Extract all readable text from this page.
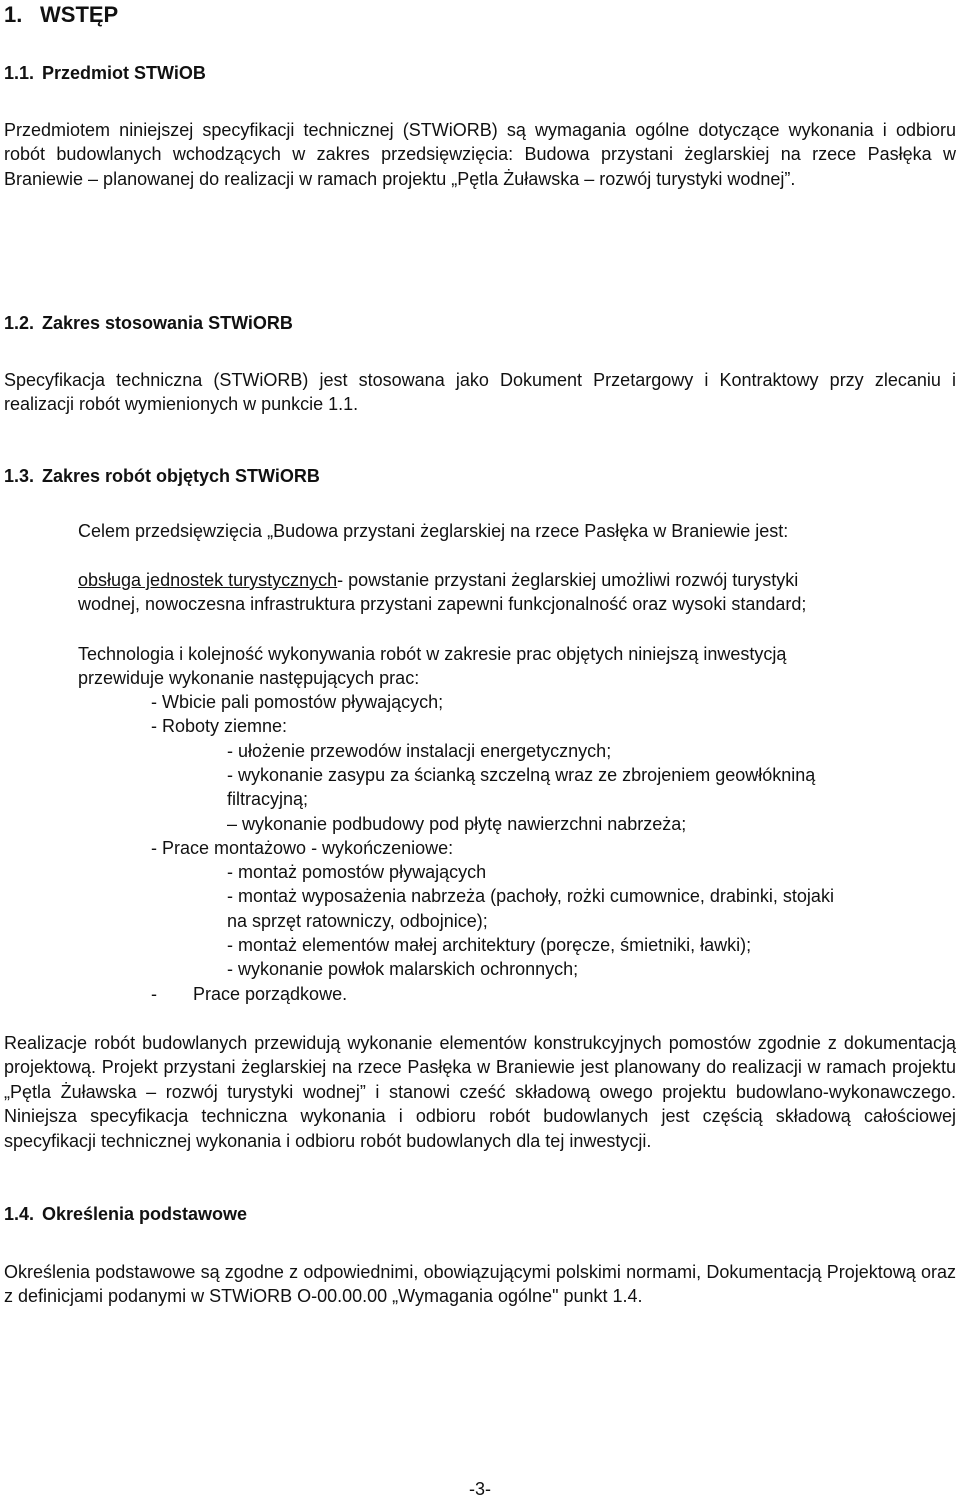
1. WSTĘP
1.1. Przedmiot STWiOB
Przedmiotem niniejszej specyfikacji technicznej (STWiORB) są wymagania ogólne dotyczące wykonania i odbioru robót budowlanych wchodzących w zakres przedsięwzięcia: Budowa przystani żeglarskiej na rzece Pasłęka w Braniewie – planowanej do realizacji w ramach projektu „Pętla Żuławska – rozwój turystyki wodnej”.
1.2. Zakres stosowania STWiORB
Specyfikacja techniczna (STWiORB) jest stosowana jako Dokument Przetargowy i Kontraktowy przy zlecaniu i realizacji robót wymienionych w punkcie 1.1.
1.3. Zakres robót objętych STWiORB
Celem przedsięwzięcia „Budowa przystani żeglarskiej na rzece Pasłęka w Braniewie jest:
obsługa jednostek turystycznych- powstanie przystani żeglarskiej umożliwi rozwój turystyki
wodnej, nowoczesna infrastruktura przystani zapewni funkcjonalność oraz wysoki standard;
Technologia i kolejność wykonywania robót w zakresie prac objętych niniejszą inwestycją
przewiduje wykonanie następujących prac:
- Wbicie pali pomostów pływających;
- Roboty ziemne:
- ułożenie przewodów instalacji energetycznych;
- wykonanie zasypu za ścianką szczelną wraz ze zbrojeniem geowłókniną
filtracyjną;
– wykonanie podbudowy pod płytę nawierzchni nabrzeża;
- Prace montażowo - wykończeniowe:
- montaż pomostów pływających
- montaż wyposażenia nabrzeża (pachoły, rożki cumownice, drabinki, stojaki
na sprzęt ratowniczy, odbojnice);
- montaż elementów małej architektury (poręcze, śmietniki, ławki);
- wykonanie powłok malarskich ochronnych;
- Prace porządkowe.
Realizacje robót budowlanych przewidują wykonanie elementów konstrukcyjnych pomostów zgodnie z dokumentacją projektową. Projekt przystani żeglarskiej na rzece Pasłęka w Braniewie jest planowany do realizacji w ramach projektu „Pętla Żuławska – rozwój turystyki wodnej” i stanowi cześć składową owego projektu budowlano-wykonawczego. Niniejsza specyfikacja techniczna wykonania i odbioru robót budowlanych jest częścią składową całościowej specyfikacji technicznej wykonania i odbioru robót budowlanych dla tej inwestycji.
1.4. Określenia podstawowe
Określenia podstawowe są zgodne z odpowiednimi, obowiązującymi polskimi normami, Dokumentacją Projektową oraz z definicjami podanymi w STWiORB O-00.00.00 „Wymagania ogólne" punkt 1.4.
-3-
